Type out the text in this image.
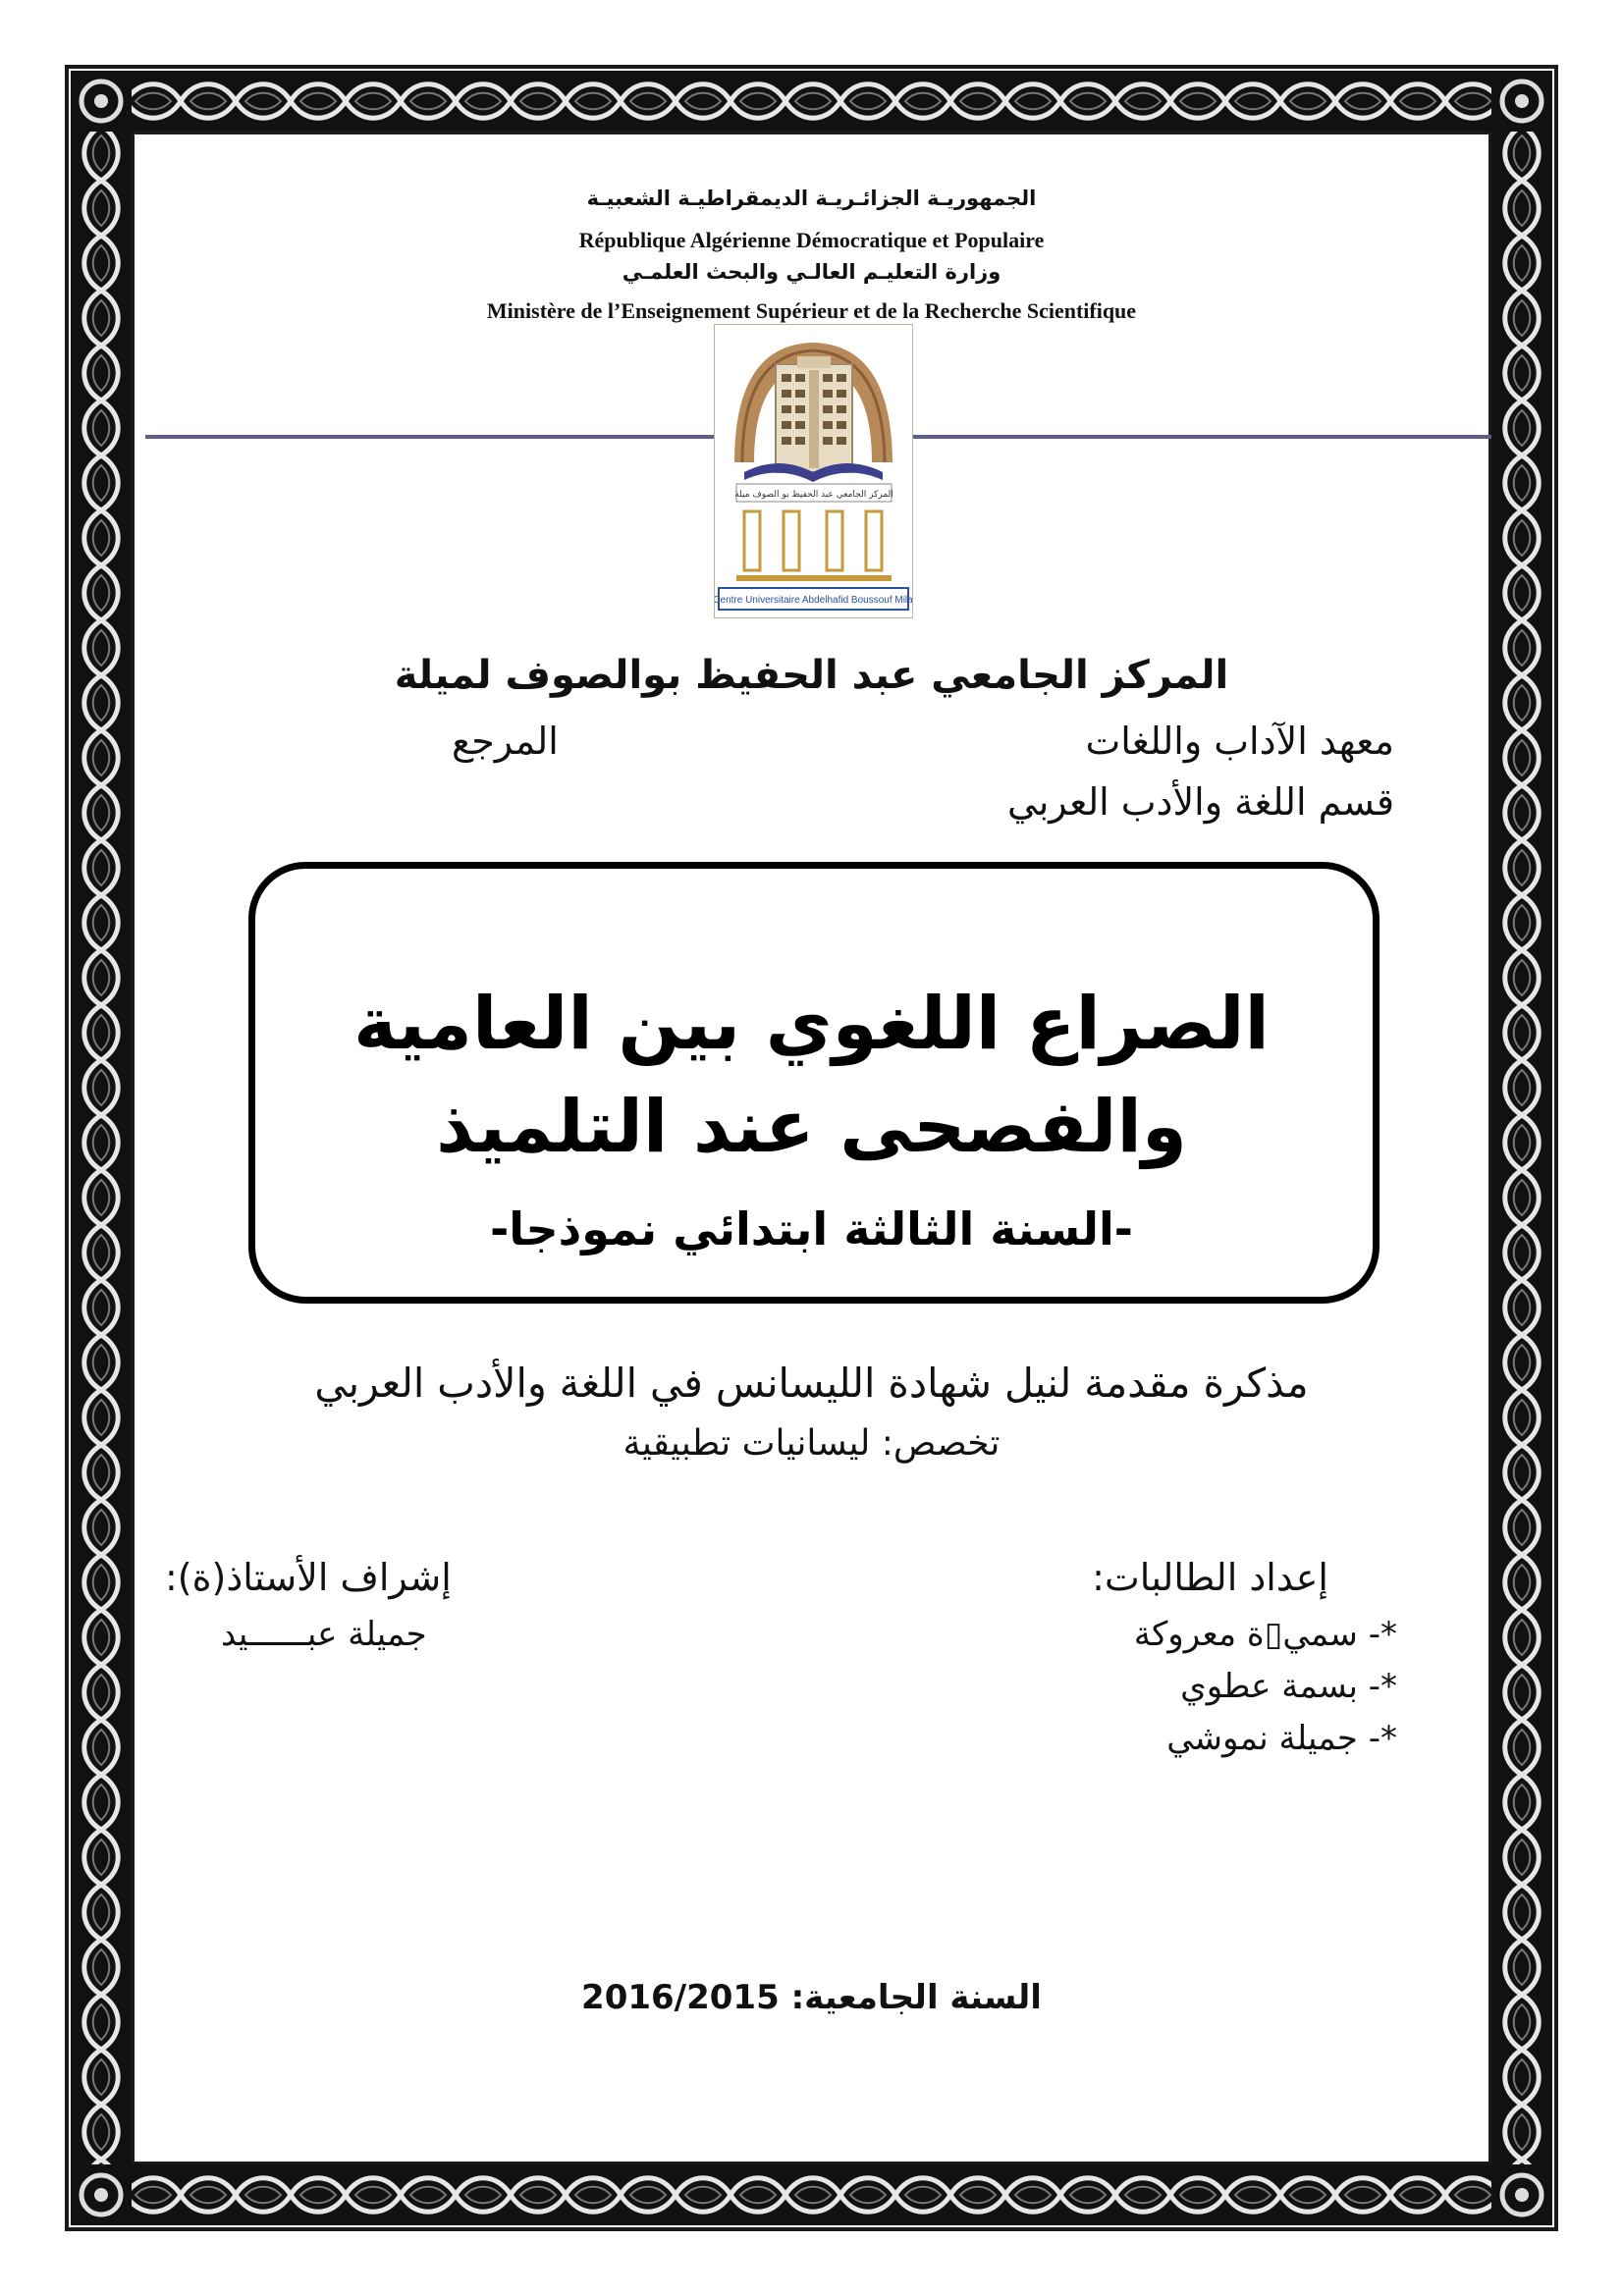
الجمهوريـة الجزائـريـة الديمقراطيـة الشعبيـة
République Algérienne Démocratique et Populaire
وزارة التعليـم العالـي والبحث العلمـي
Ministère de l’Enseignement Supérieur et de la Recherche Scientifique
المركز الجامعي عبد الحفيظ بو الصوف ميلة
Centre Universitaire Abdelhafid Boussouf Mila
المركز الجامعي عبد الحفيظ بوالصوف لميلة
معهد الآداب واللغات
المرجع
قسم اللغة والأدب العربي
الصراع اللغوي بين العامية
والفصحى عند التلميذ
-السنة الثالثة ابتدائي نموذجا-
مذكرة مقدمة لنيل شهادة الليسانس في اللغة والأدب العربي
تخصص: ليسانيات تطبيقية
إعداد الطالبات:
*- سمي▯ة معروكة
*- بسمة عطوي
*- جميلة نموشي
إشراف الأستاذ(ة):
جميلة عبــــــيد
السنة الجامعية: 2016/2015
